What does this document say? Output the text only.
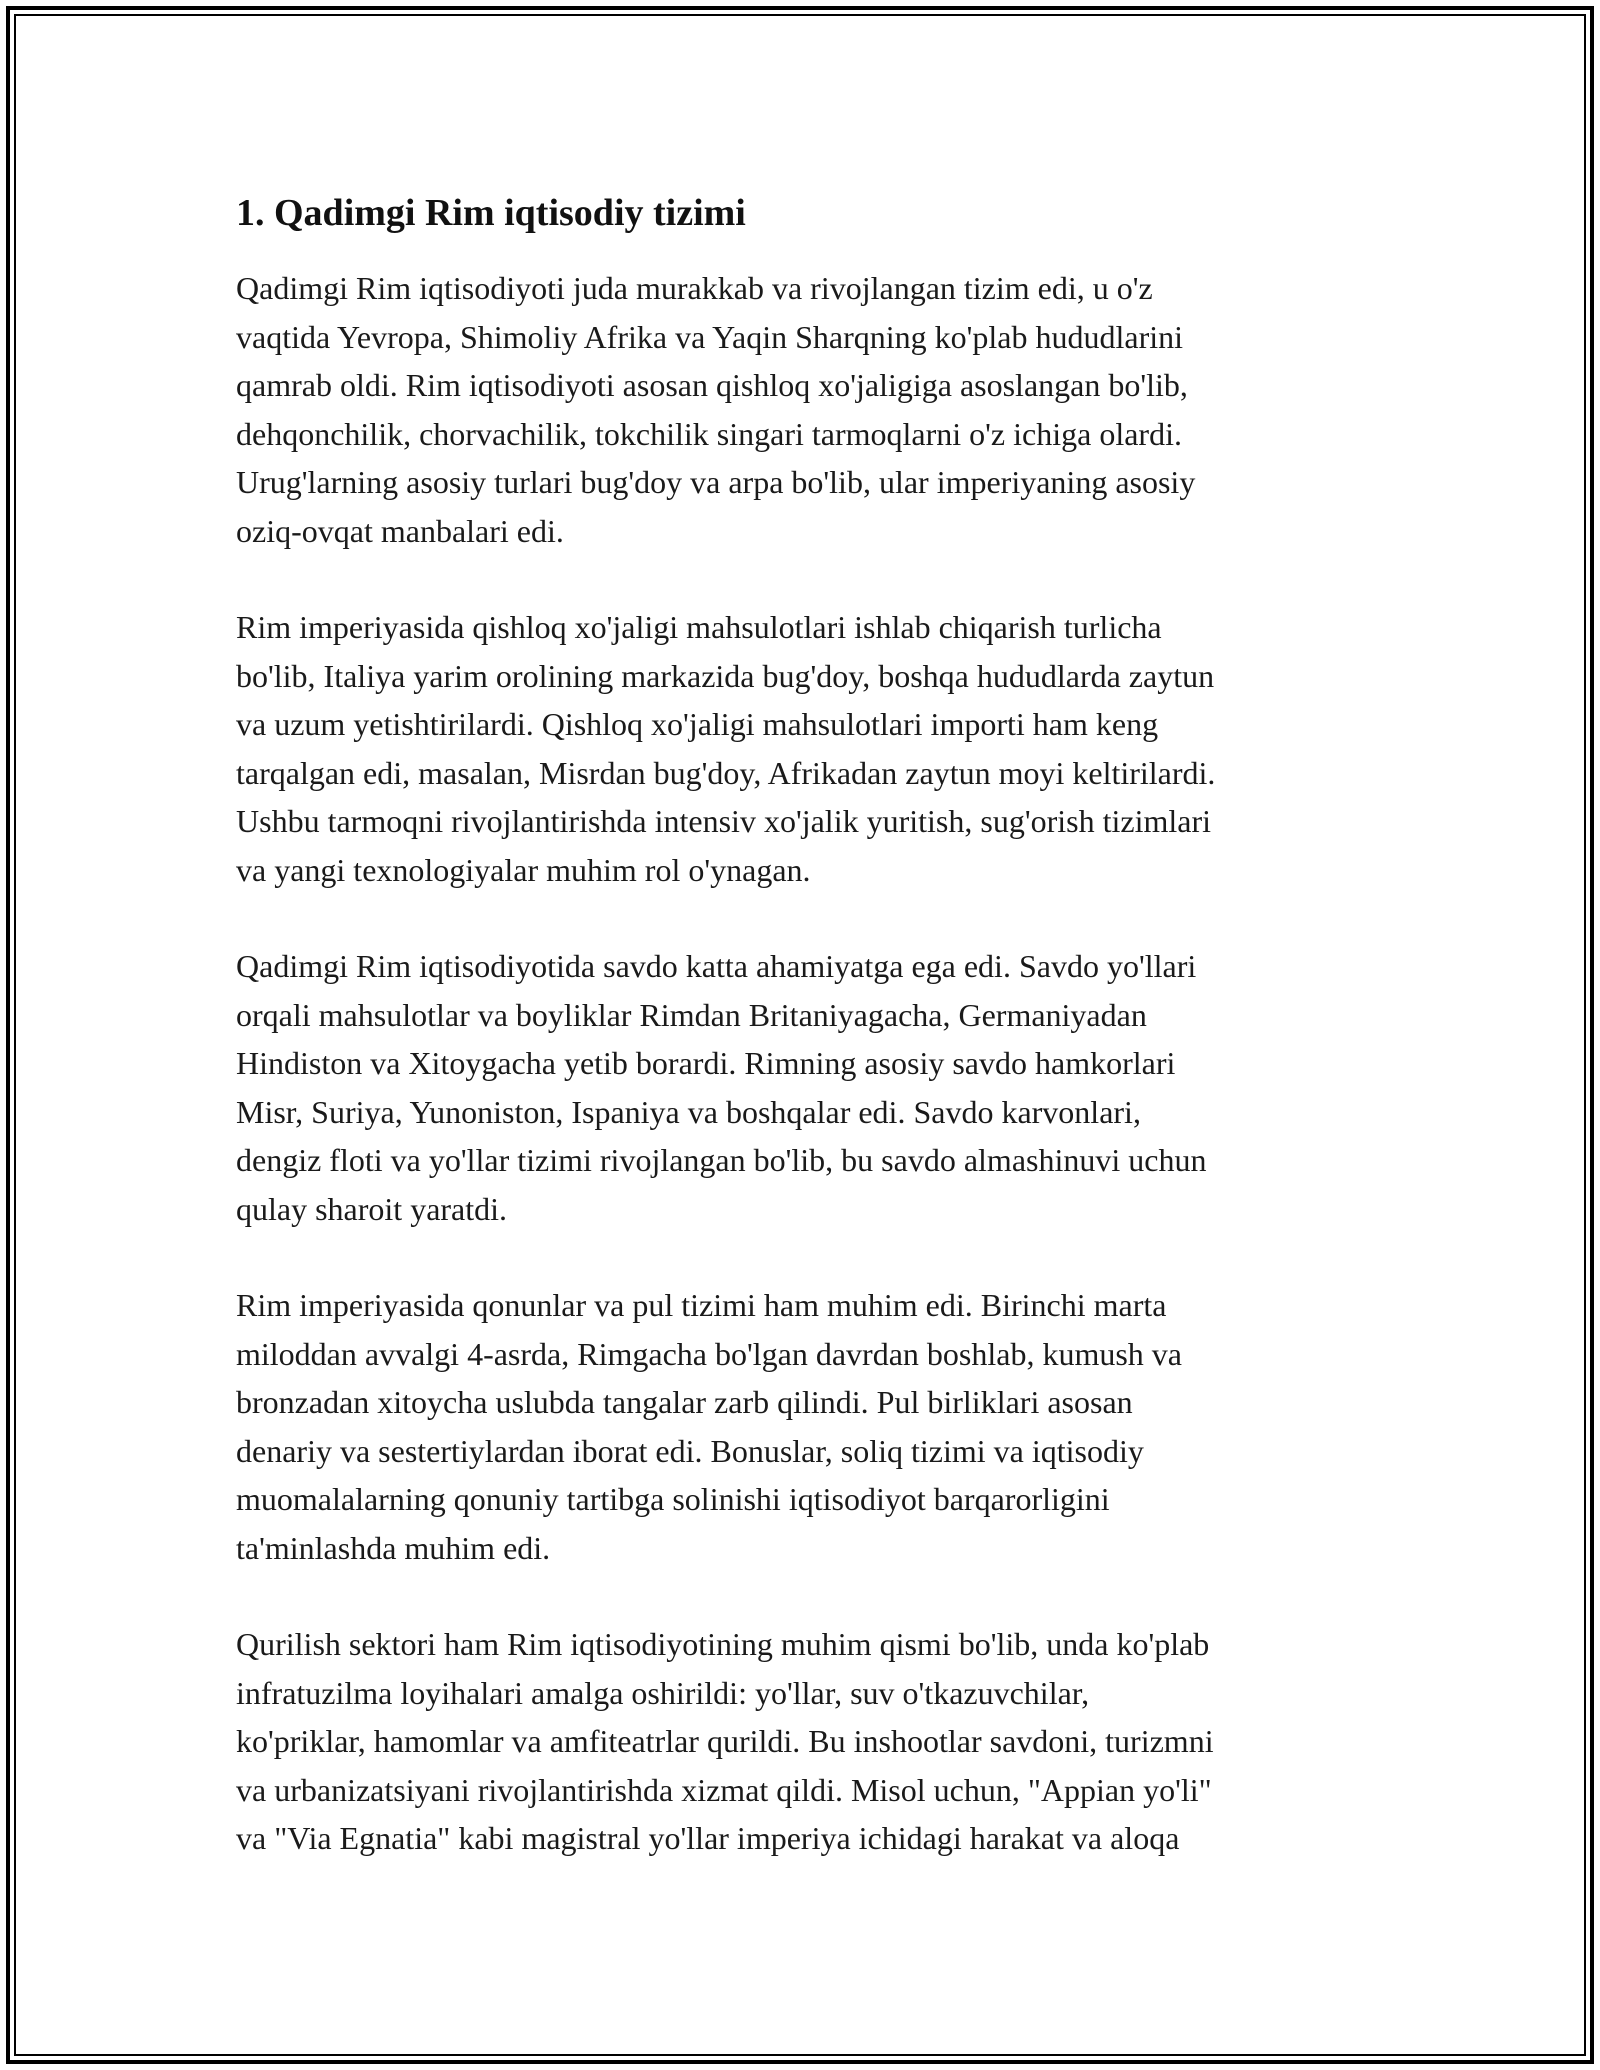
1. Qadimgi Rim iqtisodiy tizimi

Qadimgi Rim iqtisodiyoti juda murakkab va rivojlangan tizim edi, u o'z
vaqtida Yevropa, Shimoliy Afrika va Yaqin Sharqning ko'plab hududlarini
qamrab oldi. Rim iqtisodiyoti asosan qishloq xo'jaligiga asoslangan bo'lib,
dehqonchilik, chorvachilik, tokchilik singari tarmoqlarni o'z ichiga olardi.
Urug'larning asosiy turlari bug'doy va arpa bo'lib, ular imperiyaning asosiy
oziq-ovqat manbalari edi.

Rim imperiyasida qishloq xo'jaligi mahsulotlari ishlab chiqarish turlicha
bo'lib, Italiya yarim orolining markazida bug'doy, boshqa hududlarda zaytun
va uzum yetishtirilardi. Qishloq xo'jaligi mahsulotlari importi ham keng
tarqalgan edi, masalan, Misrdan bug'doy, Afrikadan zaytun moyi keltirilardi.
Ushbu tarmoqni rivojlantirishda intensiv xo'jalik yuritish, sug'orish tizimlari
va yangi texnologiyalar muhim rol o'ynagan.

Qadimgi Rim iqtisodiyotida savdo katta ahamiyatga ega edi. Savdo yo'llari
orqali mahsulotlar va boyliklar Rimdan Britaniyagacha, Germaniyadan
Hindiston va Xitoygacha yetib borardi. Rimning asosiy savdo hamkorlari
Misr, Suriya, Yunoniston, Ispaniya va boshqalar edi. Savdo karvonlari,
dengiz floti va yo'llar tizimi rivojlangan bo'lib, bu savdo almashinuvi uchun
qulay sharoit yaratdi.

Rim imperiyasida qonunlar va pul tizimi ham muhim edi. Birinchi marta
miloddan avvalgi 4-asrda, Rimgacha bo'lgan davrdan boshlab, kumush va
bronzadan xitoycha uslubda tangalar zarb qilindi. Pul birliklari asosan
denariy va sestertiylardan iborat edi. Bonuslar, soliq tizimi va iqtisodiy
muomalalarning qonuniy tartibga solinishi iqtisodiyot barqarorligini
ta'minlashda muhim edi.

Qurilish sektori ham Rim iqtisodiyotining muhim qismi bo'lib, unda ko'plab
infratuzilma loyihalari amalga oshirildi: yo'llar, suv o'tkazuvchilar,
ko'priklar, hamomlar va amfiteatrlar qurildi. Bu inshootlar savdoni, turizmni
va urbanizatsiyani rivojlantirishda xizmat qildi. Misol uchun, "Appian yo'li"
va "Via Egnatia" kabi magistral yo'llar imperiya ichidagi harakat va aloqa
